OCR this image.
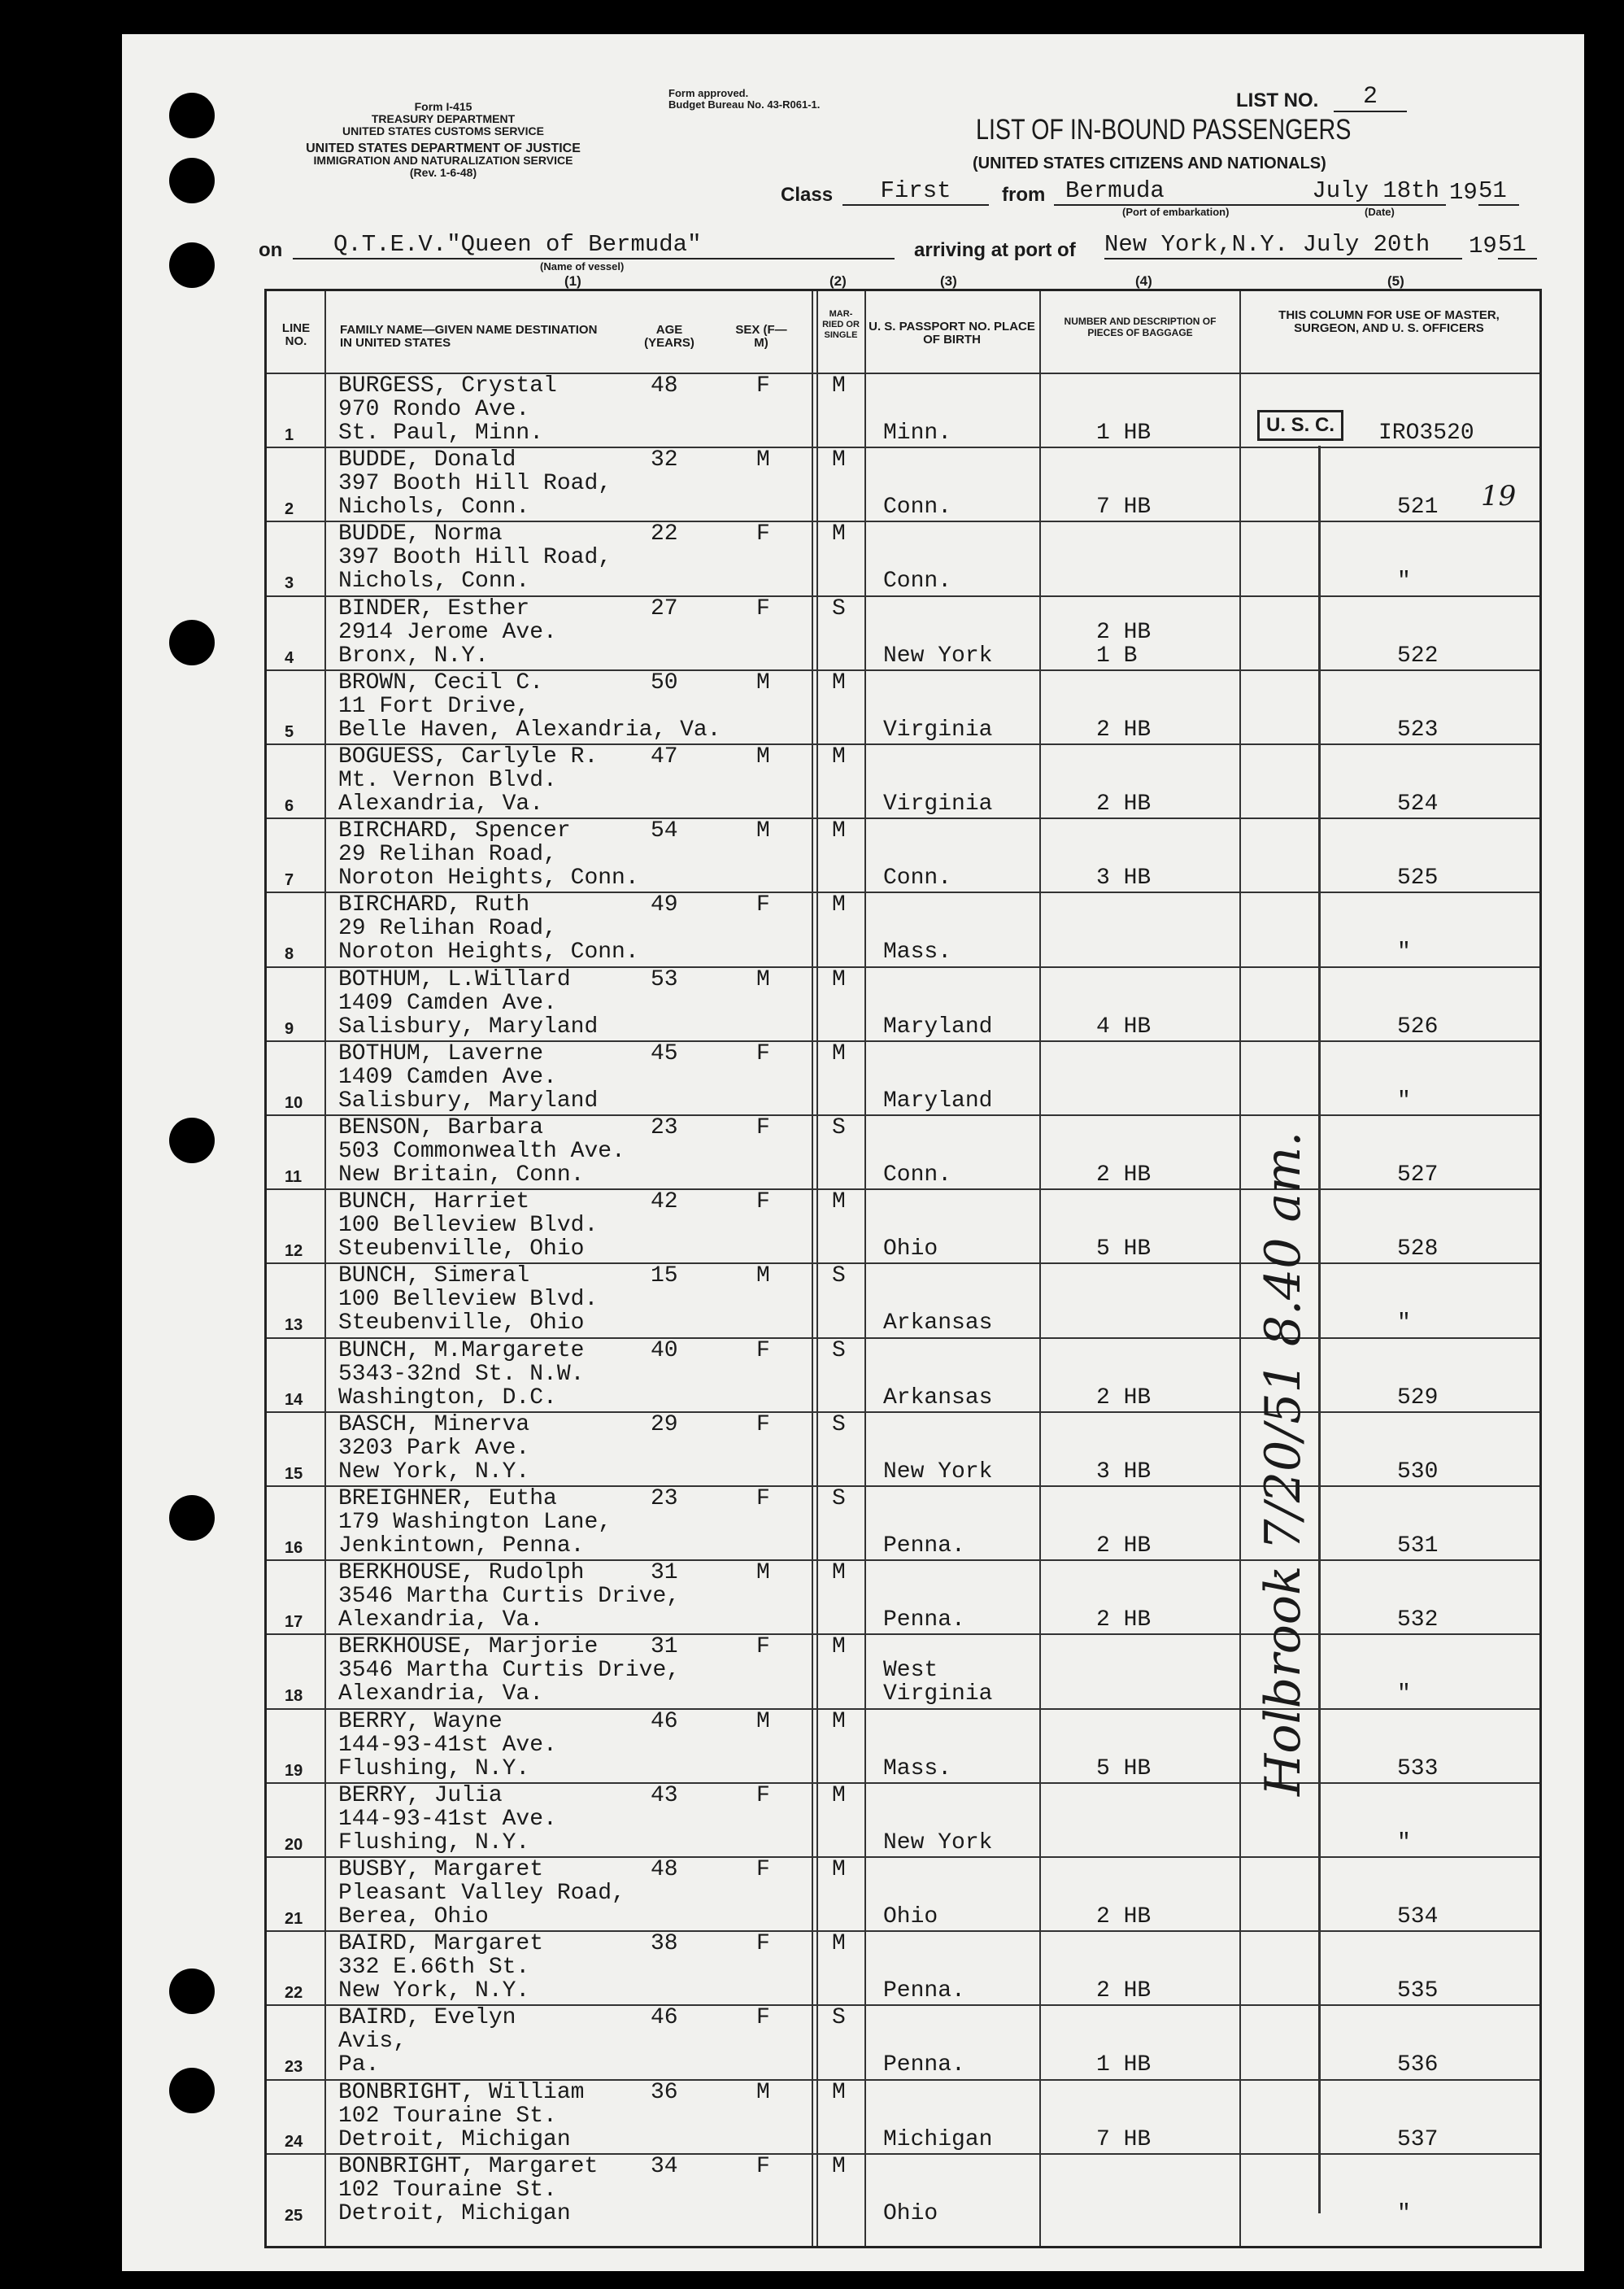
Form I-415
TREASURY DEPARTMENT
UNITED STATES CUSTOMS SERVICE
UNITED STATES DEPARTMENT OF JUSTICE
IMMIGRATION AND NATURALIZATION SERVICE
(Rev. 1-6-48)
Form approved.
Budget Bureau No. 43-R061-1.	LIST NO.	2
LIST OF IN-BOUND PASSENGERS
(UNITED STATES CITIZENS AND NATIONALS)
Class	First	from Bermuda
(Port of embarkation)
July 18th 19 51
(Date)
on	Q.T.E.V."Queen of Bermuda"
(Name of vessel)
arriving at port of New York,N.Y. July 20th	19 51
(1)	(2)	(3)	(4)	(5)
LINE NO.
FAMILY NAME—GIVEN NAME DESTINATION IN UNITED STATES
AGE (YEARS)
SEX (F—M)
MAR-RIED OR SINGLE
U. S. PASSPORT NO. PLACE OF BIRTH
NUMBER AND DESCRIPTION OF PIECES OF BAGGAGE
THIS COLUMN FOR USE OF MASTER, SURGEON, AND U. S. OFFICERS
1
BURGESS, Crystal
970 Rondo Ave.
St. Paul, Minn.
48	F	M
Minn.	1 HB	IRO3520
2
BUDDE, Donald
397 Booth Hill Road,
Nichols, Conn.
32	M	M
Conn.	7 HB	521
3
BUDDE, Norma
397 Booth Hill Road,
Nichols, Conn.
22	F	M
Conn.	"
4
BINDER, Esther
2914 Jerome Ave.
Bronx, N.Y.
27	F	S
New York
2 HB
1 B	522
5
BROWN, Cecil C.
11 Fort Drive,
Belle Haven, Alexandria, Va.
50	M	M
Virginia	2 HB	523
6
BOGUESS, Carlyle R.
Mt. Vernon Blvd.
Alexandria, Va.
47	M	M
Virginia	2 HB	524
7
BIRCHARD, Spencer
29 Relihan Road,
Noroton Heights, Conn.
54	M	M
Conn.	3 HB	525
8
BIRCHARD, Ruth
29 Relihan Road,
Noroton Heights, Conn.
49	F	M
Mass.	"
9
BOTHUM, L.Willard
1409 Camden Ave.
Salisbury, Maryland
53	M	M
Maryland	4 HB	526
10
BOTHUM, Laverne
1409 Camden Ave.
Salisbury, Maryland
45	F	M
Maryland	"
11
BENSON, Barbara
503 Commonwealth Ave.
New Britain, Conn.
23	F	S
Conn.	2 HB	527
12
BUNCH, Harriet
100 Belleview Blvd.
Steubenville, Ohio
42	F	M
Ohio	5 HB	528
13
BUNCH, Simeral
100 Belleview Blvd.
Steubenville, Ohio
15	M	S
Arkansas	"
14
BUNCH, M.Margarete
5343-32nd St. N.W.
Washington, D.C.
40	F	S
Arkansas	2 HB	529
15
BASCH, Minerva
3203 Park Ave.
New York, N.Y.
29	F	S
New York	3 HB	530
16
BREIGHNER, Eutha
179 Washington Lane,
Jenkintown, Penna.
23	F	S
Penna.	2 HB	531
17
BERKHOUSE, Rudolph
3546 Martha Curtis Drive,
Alexandria, Va.
31	M	M
Penna.	2 HB	532
18
BERKHOUSE, Marjorie
3546 Martha Curtis Drive,
Alexandria, Va.
31	F	M
West
Virginia	"
19
BERRY, Wayne
144-93-41st Ave.
Flushing, N.Y.
46	M	M
Mass.	5 HB	533
20
BERRY, Julia
144-93-41st Ave.
Flushing, N.Y.
43	F	M
New York	"
21
BUSBY, Margaret
Pleasant Valley Road,
Berea, Ohio
48	F	M
Ohio	2 HB	534
22
BAIRD, Margaret
332 E.66th St.
New York, N.Y.
38	F	M
Penna.	2 HB	535
23
BAIRD, Evelyn
Avis,
Pa.
46	F	S
Penna.	1 HB	536
24
BONBRIGHT, William
102 Touraine St.
Detroit, Michigan
36	M	M
Michigan	7 HB	537
25
BONBRIGHT, Margaret
102 Touraine St.
Detroit, Michigan
34	F	M
Ohio	"
U. S. C.
19
Holbrook 7/20/51 8.40 am.
